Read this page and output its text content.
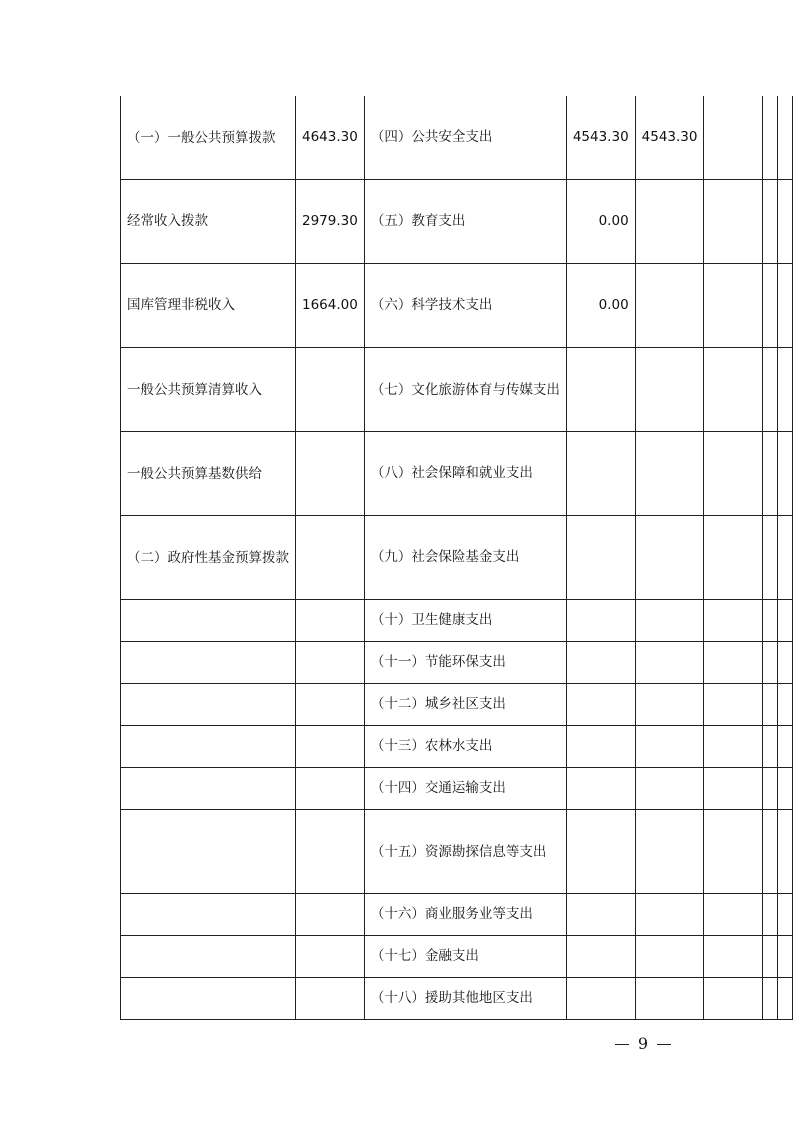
（一）一般公共预算拨款	4643.30	（四）公共安全支出	4543.30	4543.30			
经常收入拨款	2979.30	（五）教育支出	0.00				
国库管理非税收入	1664.00	（六）科学技术支出	0.00				
一般公共预算清算收入		（七）文化旅游体育与传媒支出					
一般公共预算基数供给		（八）社会保障和就业支出					
（二）政府性基金预算拨款		（九）社会保险基金支出					
		（十）卫生健康支出					
		（十一）节能环保支出					
		（十二）城乡社区支出					
		（十三）农林水支出					
		（十四）交通运输支出					
		（十五）资源勘探信息等支出					
		（十六）商业服务业等支出					
		（十七）金融支出					
		（十八）援助其他地区支出					
9
